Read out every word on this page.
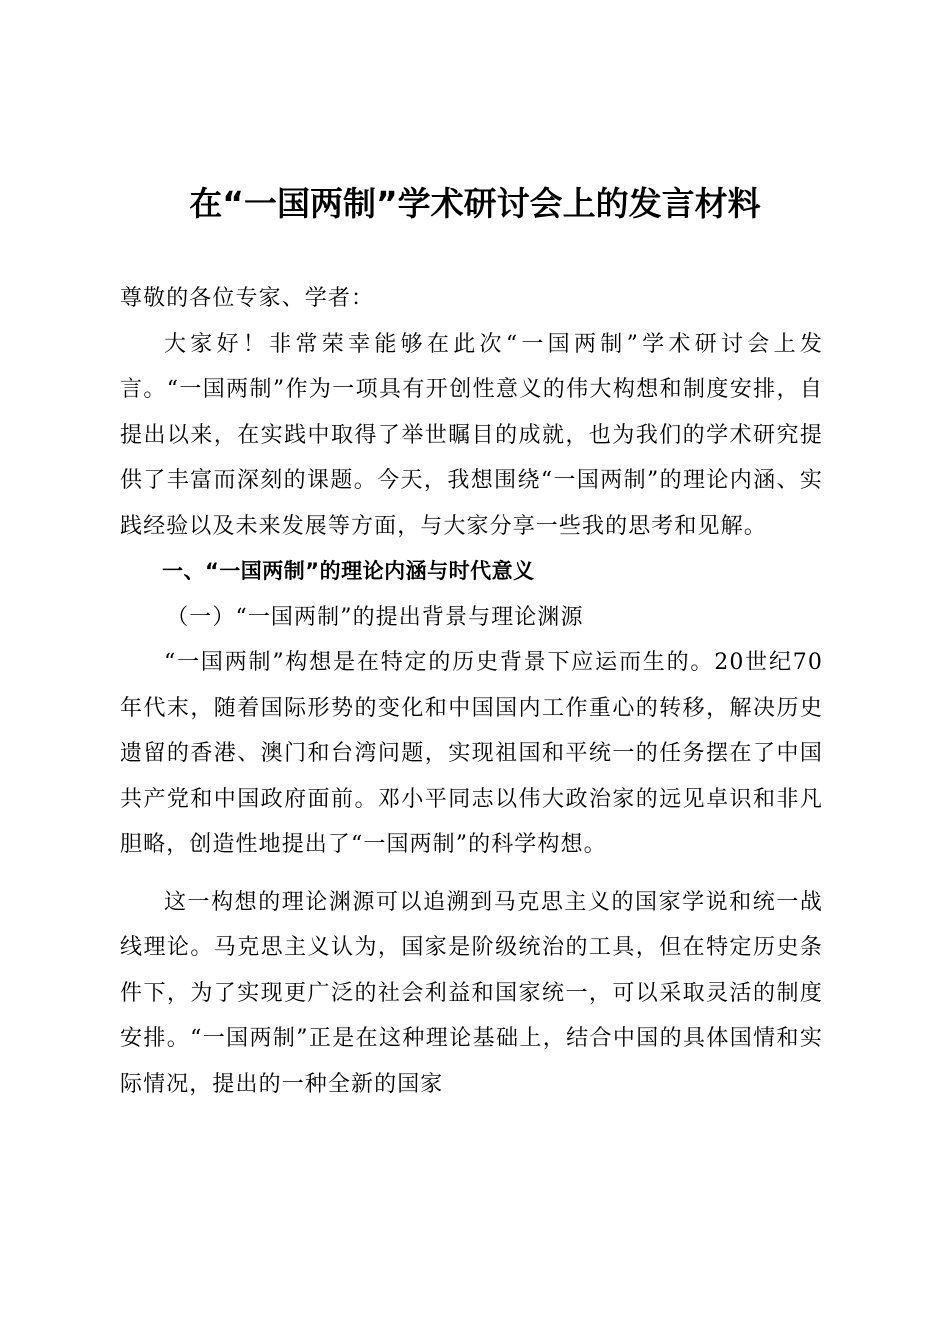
在“一国两制”学术研讨会上的发言材料

尊敬的各位专家、学者：

大家好！非常荣幸能够在此次“一国两制”学术研讨会上发言。“一国两制”作为一项具有开创性意义的伟大构想和制度安排，自提出以来，在实践中取得了举世瞩目的成就，也为我们的学术研究提供了丰富而深刻的课题。今天，我想围绕“一国两制”的理论内涵、实践经验以及未来发展等方面，与大家分享一些我的思考和见解。

一、“一国两制”的理论内涵与时代意义

（一）“一国两制”的提出背景与理论渊源

“一国两制”构想是在特定的历史背景下应运而生的。20世纪70年代末，随着国际形势的变化和中国国内工作重心的转移，解决历史遗留的香港、澳门和台湾问题，实现祖国和平统一的任务摆在了中国共产党和中国政府面前。邓小平同志以伟大政治家的远见卓识和非凡胆略，创造性地提出了“一国两制”的科学构想。

这一构想的理论渊源可以追溯到马克思主义的国家学说和统一战线理论。马克思主义认为，国家是阶级统治的工具，但在特定历史条件下，为了实现更广泛的社会利益和国家统一，可以采取灵活的制度安排。“一国两制”正是在这种理论基础上，结合中国的具体国情和实际情况，提出的一种全新的国家
